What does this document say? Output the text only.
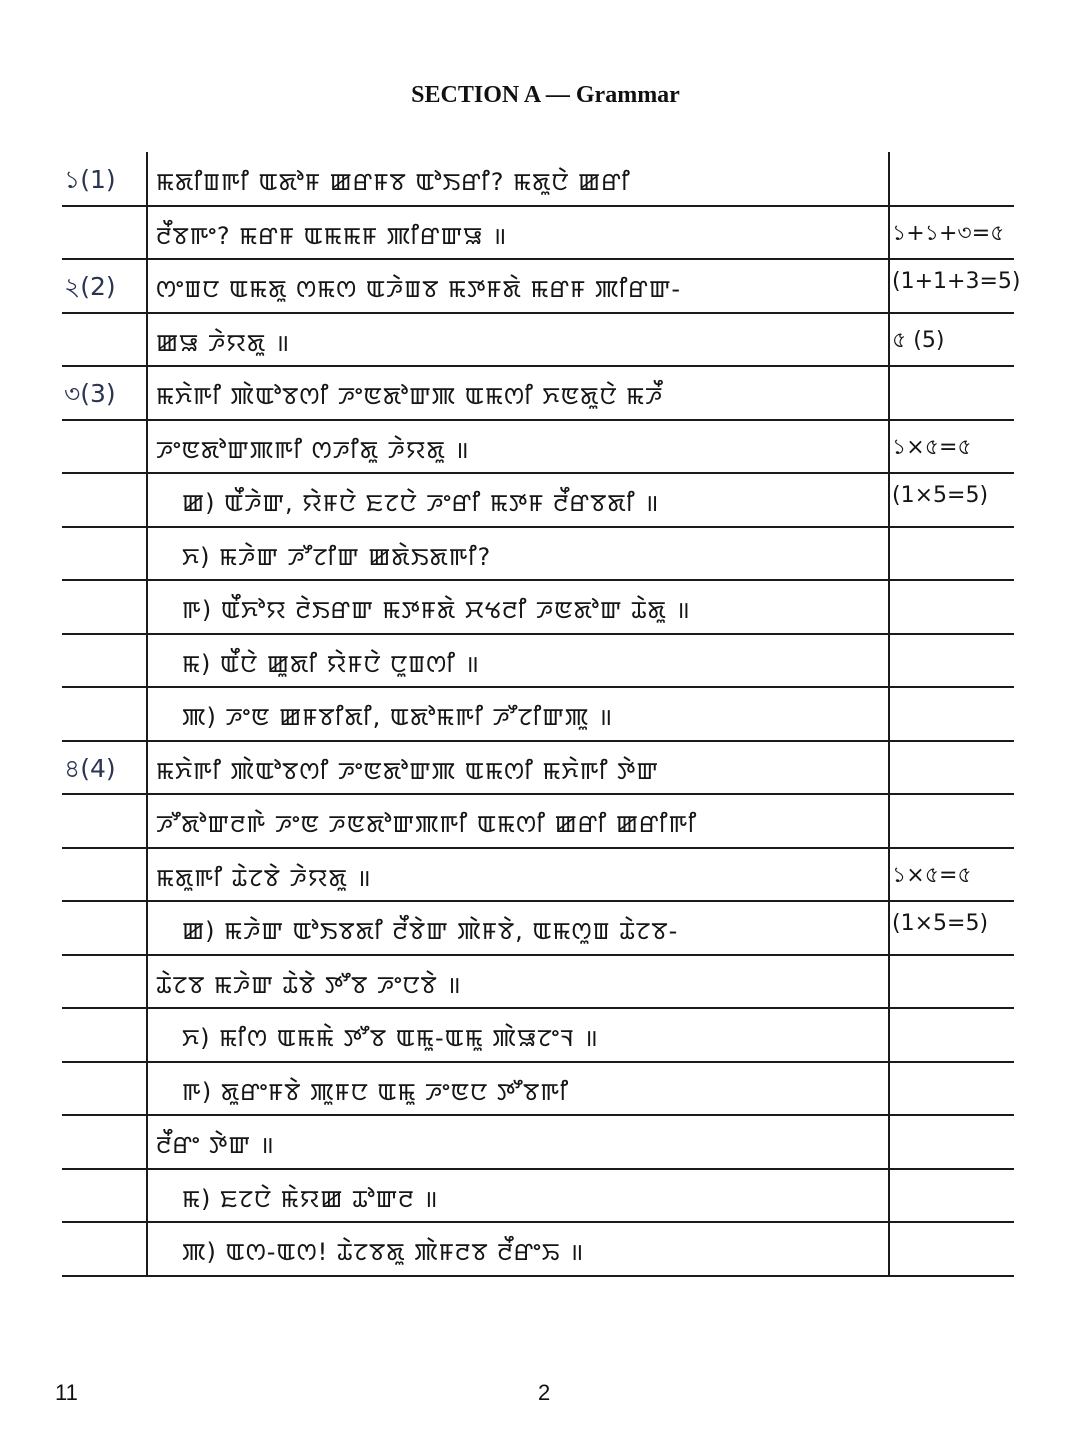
SECTION A — Grammar
১(1) ꯃꯗꯤꯡꯒꯤ ꯑꯗꯣꯝ ꯀꯔꯝꯕ ꯑꯣꯏꯔꯤ? ꯃꯗꯨꯅꯥ ꯀꯔꯤ
ꯂꯩꯕꯒꯦ? ꯃꯔꯝ ꯑꯃꯃꯝ ꯄꯤꯔꯛꯎ ॥	১+১+৩=৫
২(2) ꯁꯦꯡꯅ ꯑꯃꯗꯨ ꯁꯃꯁ ꯑꯍꯥꯡꯕ ꯃꯇꯝꯗꯥ ꯃꯔꯝ ꯄꯤꯔꯛ-	(1+1+3=5)
ꯀꯎ ꯍꯥꯌꯗꯨ ॥	৫ (5)
৩(3) ꯃꯈꯥꯒꯤ ꯄꯥꯑꯣꯕꯁꯤ ꯍꯦꯟꯗꯣꯛꯄ ꯑꯃꯁꯤ ꯈꯟꯗꯨꯅꯥ ꯃꯍꯩ
ꯍꯦꯟꯗꯣꯛꯄꯒꯤ ꯁꯍꯤꯗꯨ ꯍꯥꯌꯗꯨ ॥	১×৫=৫
ꯀ) ꯑꯩꯍꯥꯛ, ꯌꯥꯝꯅꯥ ꯐꯖꯅꯥ ꯍꯦꯔꯤ ꯃꯇꯝ ꯂꯩꯔꯕꯗꯤ ॥	(1×5=5)
ꯈ) ꯃꯍꯥꯛ ꯍꯧꯖꯤꯛ ꯀꯗꯥꯏꯗꯒꯤ?
ꯒ) ꯑꯩꯈꯣꯌ ꯂꯥꯏꯔꯛ ꯃꯇꯝꯗꯥ ꯆꯠꯂꯤ ꯍꯟꯗꯣꯛ ꯊꯥꯗꯨ ॥
ꯃ) ꯑꯩꯅꯥ ꯀꯨꯗꯤ ꯌꯥꯝꯅꯥ ꯅꯨꯡꯁꯤ ॥
ꯄ) ꯍꯦꯟ ꯀꯝꯕꯤꯗꯤ, ꯑꯗꯣꯃꯒꯤ ꯍꯧꯖꯤꯛꯄꯨ ॥
৪(4) ꯃꯈꯥꯒꯤ ꯄꯥꯑꯣꯕꯁꯤ ꯍꯦꯟꯗꯣꯛꯄ ꯑꯃꯁꯤ ꯃꯈꯥꯒꯤ ꯇꯥꯛ
ꯍꯧꯗꯣꯛꯂꯒꯥ ꯍꯦꯟ ꯍꯟꯗꯣꯛꯄꯒꯤ ꯑꯃꯁꯤ ꯀꯔꯤ ꯀꯔꯤꯒꯤ
ꯃꯗꯨꯒꯤ ꯊꯥꯖꯕꯥ ꯍꯥꯌꯗꯨ ॥	১×৫=৫
ꯀ) ꯃꯍꯥꯛ ꯑꯣꯏꯕꯗꯤ ꯂꯩꯕꯥꯛ ꯄꯥꯝꯕꯥ, ꯑꯃꯁꯨꯡ ꯊꯥꯖꯕ-	(1×5=5)
ꯊꯥꯖꯕ ꯃꯍꯥꯛ ꯊꯥꯕꯥ ꯇꯧꯕ ꯍꯦꯅꯕꯥ ॥
ꯈ) ꯃꯤꯁ ꯑꯃꯃꯥ ꯇꯧꯕ ꯑꯃꯨ-ꯑꯃꯨ ꯄꯥꯎꯖꯦꯜ ॥
ꯒ) ꯗꯨꯔꯦꯝꯕꯥ ꯄꯨꯝꯅ ꯑꯃꯨ ꯍꯦꯟꯅ ꯇꯧꯕꯒꯤ
ꯂꯩꯔꯦ ꯇꯥꯛ ॥
ꯃ) ꯐꯖꯅꯥ ꯃꯥꯌꯀ ꯊꯣꯛꯂ ॥
ꯄ) ꯑꯁ-ꯑꯁ! ꯊꯥꯖꯕꯗꯨ ꯄꯥꯝꯂꯕ ꯂꯩꯔꯦꯢ ॥
11	2
